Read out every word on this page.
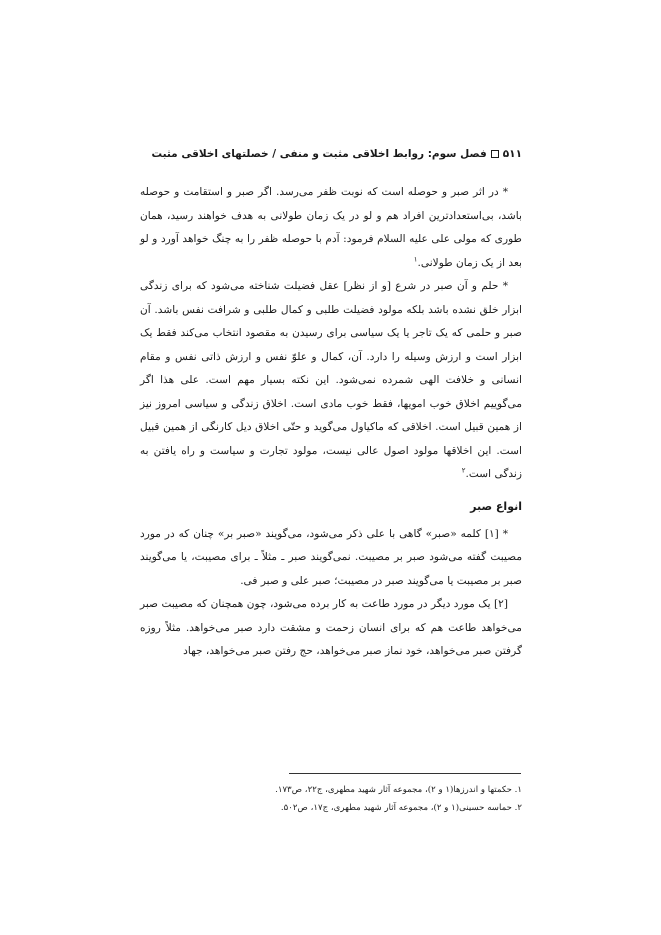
۵۱۱
فصل سوم: روابط اخلاقی مثبت و منفی / خصلتهای اخلاقی مثبت

* در اثر صبر و حوصله است که نوبت ظفر می‌رسد. اگر صبر و استقامت و حوصله باشد، بی‌استعدادترین افراد هم و لو در یک زمان طولانی به هدف خواهند رسید، همان طوری که مولی علی علیه السلام فرمود: آدم با حوصله ظفر را به چنگ خواهد آورد و لو بعد از یک زمان طولانی.$^۱$

* حلم و آن صبر در شرع [و از نظر] عقل فضیلت شناخته می‌شود که برای زندگی ابزار خلق نشده باشد بلکه مولود فضیلت طلبی و کمال طلبی و شرافت نفس باشد. آن صبر و حلمی که یک تاجر یا یک سیاسی برای رسیدن به مقصود انتخاب می‌کند فقط یک ابزار است و ارزش وسیله را دارد. آن، کمال و علوّ نفس و ارزش ذاتی نفس و مقام انسانی و خلافت الهی شمرده نمی‌شود. این نکته بسیار مهم است. علی هذا اگر می‌گوییم اخلاق خوب امویها، فقط خوب مادی است. اخلاق زندگی و سیاسی امروز نیز از همین قبیل است. اخلاقی که ماکیاول می‌گوید و حتّی اخلاق دیل کارنگی از همین قبیل است. این اخلاقها مولود اصول عالی نیست، مولود تجارت و سیاست و راه یافتن به زندگی است.$^۲$

انواع صبر

* [۱] کلمه «صبر» گاهی با علی ذکر می‌شود، می‌گویند «صبر بر» چنان که در مورد مصیبت گفته می‌شود صبر بر مصیبت. نمی‌گویند صبر ـ مثلاً ـ برای مصیبت، یا می‌گویند صبر بر مصیبت یا می‌گویند صبر در مصیبت؛ صبر علی و صبر فی.

[۲] یک مورد دیگر در مورد طاعت به کار برده می‌شود، چون همچنان که مصیبت صبر می‌خواهد طاعت هم که برای انسان زحمت و مشقت دارد صبر می‌خواهد. مثلاً روزه گرفتن صبر می‌خواهد، خود نماز صبر می‌خواهد، حج رفتن صبر می‌خواهد، جهاد

۱. حکمتها و اندرزها(۱ و ۲)، مجموعه آثار شهید مطهری، ج۲۲، ص۱۷۳.
۲. حماسه حسینی(۱ و ۲)، مجموعه آثار شهید مطهری، ج۱۷، ص۵۰۲.
